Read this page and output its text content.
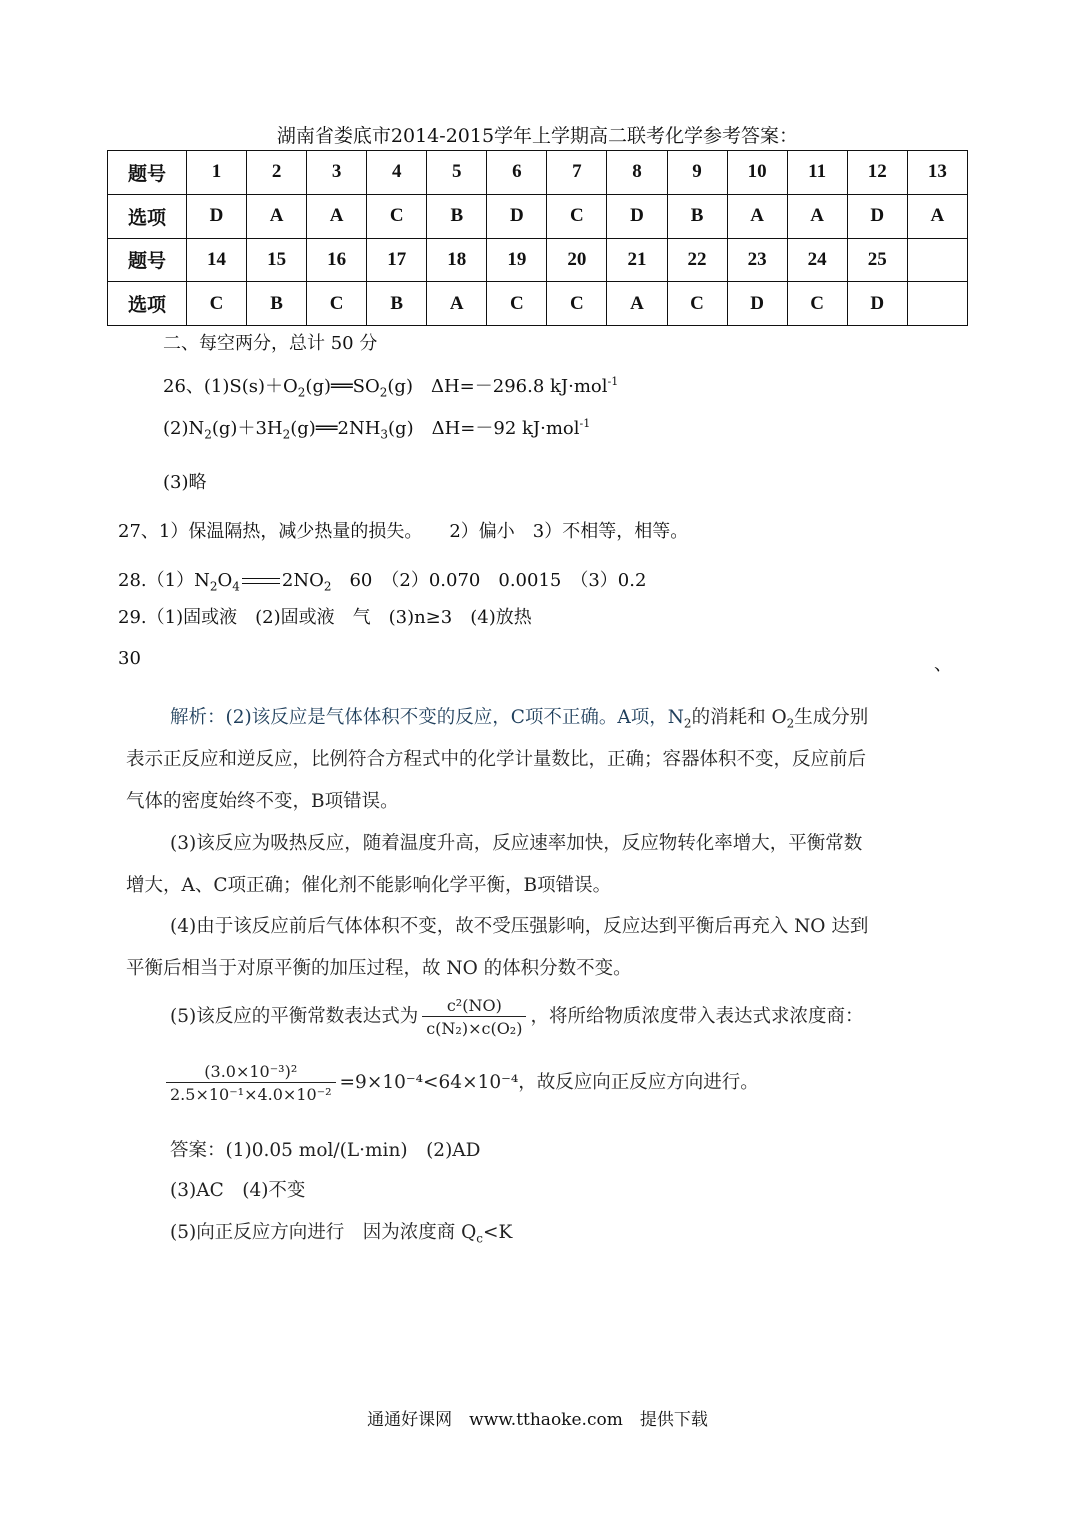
湖南省娄底市2014-2015学年上学期高二联考化学参考答案：
题号	1	2	3	4	5	6	7	8	9	10	11	12	13
选项	D	A	A	C	B	D	C	D	B	A	A	D	A
题号	14	15	16	17	18	19	20	21	22	23	24	25	
选项	C	B	C	B	A	C	C	A	C	D	C	D	
二、每空两分，总计 50 分
26、$(1)S(s)+O_2(g)══SO_2(g)$　ΔH=－296.8 kJ·mol$^{-1}$
$(2)N_2(g)+3H_2(g)══2NH_3(g)$　ΔH=－92 kJ·mol$^{-1}$
(3)略
27、1）保温隔热，减少热量的损失。　　2）偏小　3）不相等，相等。
$28.(1)N_2O_4$ $2NO_2$　60　（2）0.070　0.0015　（3）0.2
29.（1)固或液　(2)固或液　气　(3)n≥3　(4)放热
30	、
解析：(2)该反应是气体体积不变的反应，C项不正确。A项，$N_2$的消耗和 $O_2$生成分别
表示正反应和逆反应，比例符合方程式中的化学计量数比，正确；容器体积不变，反应前后
气体的密度始终不变，B项错误。
(3)该反应为吸热反应，随着温度升高，反应速率加快，反应物转化率增大，平衡常数
增大，A、C项正确；催化剂不能影响化学平衡，B项错误。
(4)由于该反应前后气体体积不变，故不受压强影响，反应达到平衡后再充入 NO 达到
平衡后相当于对原平衡的加压过程，故 NO 的体积分数不变。
(5)该反应的平衡常数表达式为 $\frac{\text{c²(NO)}}{\text{c(N₂)×c(O₂)}}$ ，将所给物质浓度带入表达式求浓度商：
$\frac{\text{(3.0×10⁻³)²}}{\text{2.5×10⁻¹×4.0×10⁻²}} =9\times 10^{-4}<64\times 10^{-4}$，故反应向正反应方向进行。
答案：(1)0.05 mol/(L·min)　(2)AD
(3)AC　(4)不变
(5)向正反应方向进行　因为浓度商 $Q_c<K$
通通好课网　www.tthaoke.com　提供下载
